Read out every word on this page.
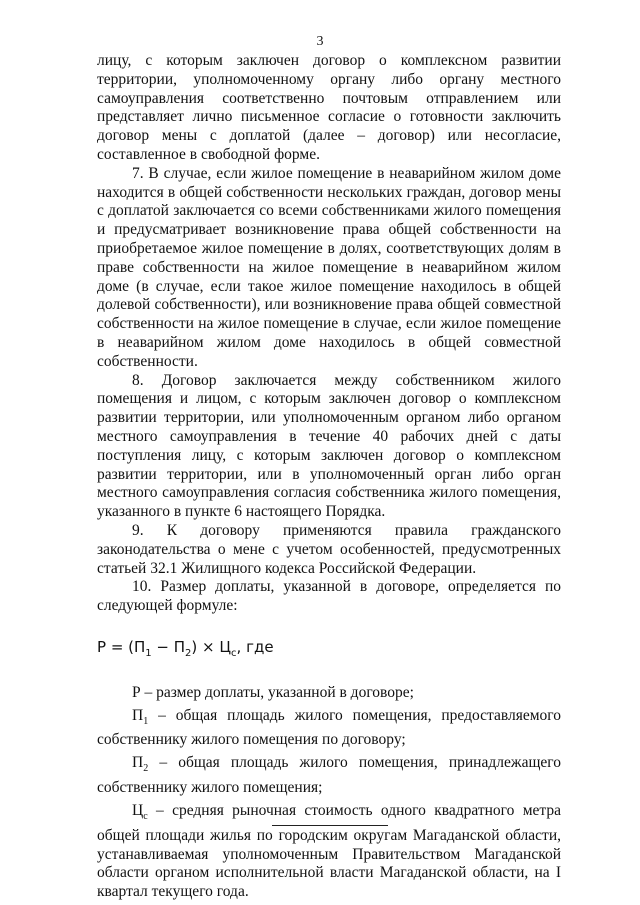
3

лицу, с которым заключен договор о комплексном развитии территории, уполномоченному органу либо органу местного самоуправления соответственно почтовым отправлением или представляет лично письменное согласие о готовности заключить договор мены с доплатой (далее – договор) или несогласие, составленное в свободной форме.

7. В случае, если жилое помещение в неаварийном жилом доме находится в общей собственности нескольких граждан, договор мены с доплатой заключается со всеми собственниками жилого помещения и предусматривает возникновение права общей собственности на приобретаемое жилое помещение в долях, соответствующих долям в праве собственности на жилое помещение в неаварийном жилом доме (в случае, если такое жилое помещение находилось в общей долевой собственности), или возникновение права общей совместной собственности на жилое помещение в случае, если жилое помещение в неаварийном жилом доме находилось в общей совместной собственности.

8. Договор заключается между собственником жилого помещения и лицом, с которым заключен договор о комплексном развитии территории, или уполномоченным органом либо органом местного самоуправления в течение 40 рабочих дней с даты поступления лицу, с которым заключен договор о комплексном развитии территории, или в уполномоченный орган либо орган местного самоуправления согласия собственника жилого помещения, указанного в пункте 6 настоящего Порядка.

9. К договору применяются правила гражданского законодательства о мене с учетом особенностей, предусмотренных статьей 32.1 Жилищного кодекса Российской Федерации.

10. Размер доплаты, указанной в договоре, определяется по следующей формуле:

$Р = (П_1 - П_2) \times Ц_с$, где

Р – размер доплаты, указанной в договоре;

$П_1$ – общая площадь жилого помещения, предоставляемого собственнику жилого помещения по договору;

$П_2$ – общая площадь жилого помещения, принадлежащего собственнику жилого помещения;

$Ц_с$ – средняя рыночная стоимость одного квадратного метра общей площади жилья по городским округам Магаданской области, устанавливаемая уполномоченным Правительством Магаданской области органом исполнительной власти Магаданской области, на I квартал текущего года.
